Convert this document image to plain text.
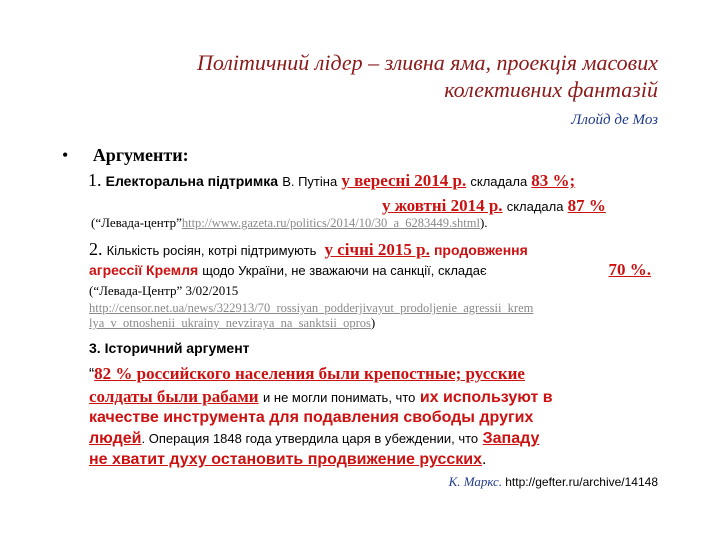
Політичний лідер – зливна яма, проекція масових
колективних фантазій
Ллойд де Моз
• Аргументи:
1. Електоральна підтримка В. Путіна у вересні 2014 р. складала 83 %;
у жовтні 2014 р. складала 87 %
(“Левада-центр”http://www.gazeta.ru/politics/2014/10/30_a_6283449.shtml).
2. Кількість росіян, котрі підтримують у січні 2015 р. продовження
агрессії Кремля щодо України, не зважаючи на санкції, складає	70 %.
(“Левада-Центр” 3/02/2015
http://censor.net.ua/news/322913/70_rossiyan_podderjivayut_prodoljenie_agressii_krem
lya_v_otnoshenii_ukrainy_nevziraya_na_sanktsii_opros)
3. Історичний аргумент
“82 % российского населения были крепостные; русские
солдаты были рабами и не могли понимать, что их используют в
качестве инструмента для подавления свободы других
людей. Операция 1848 года утвердила царя в убеждении, что Западу
не хватит духу остановить продвижение русских.
К. Маркс. http://gefter.ru/archive/14148
